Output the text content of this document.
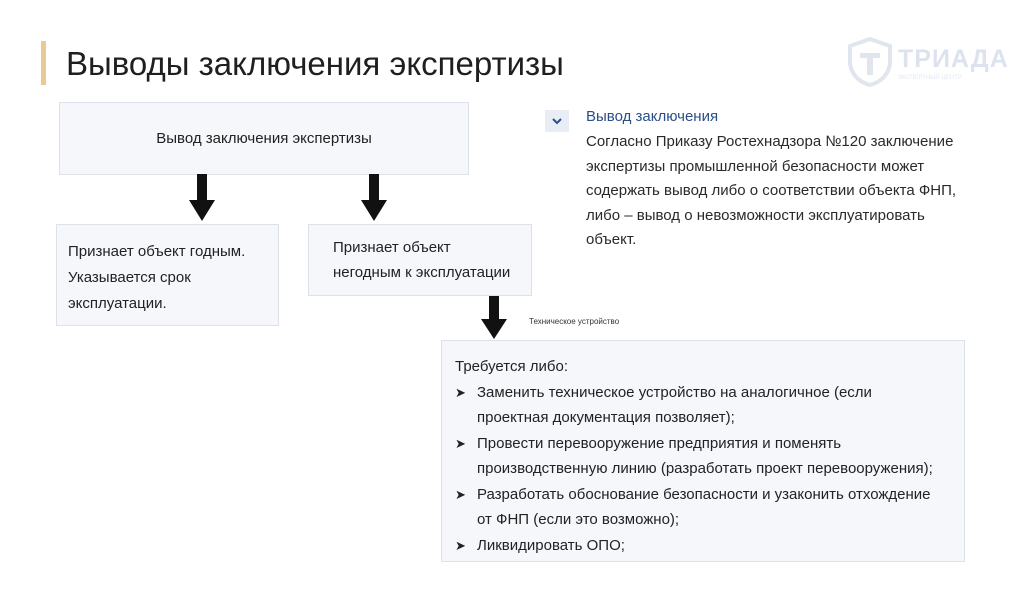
Выводы заключения экспертизы	ТРИАДА
ЭКСПЕРТНЫЙ ЦЕНТР
Вывод заключения экспертизы
Признает объект годным.
Указывается срок
эксплуатации.
Признает объект
негодным к эксплуатации
Техническое устройство
Требуется либо:
➤ Заменить техническое устройство на аналогичное (если
проектная документация позволяет);
➤ Провести перевооружение предприятия и поменять
производственную линию (разработать проект перевооружения);
➤ Разработать обоснование безопасности и узаконить отхождение
от ФНП (если это возможно);
➤ Ликвидировать ОПО;
Вывод заключения
Согласно Приказу Ростехнадзора №120 заключение
экспертизы промышленной безопасности может
содержать вывод либо о соответствии объекта ФНП,
либо – вывод о невозможности эксплуатировать
объект.
